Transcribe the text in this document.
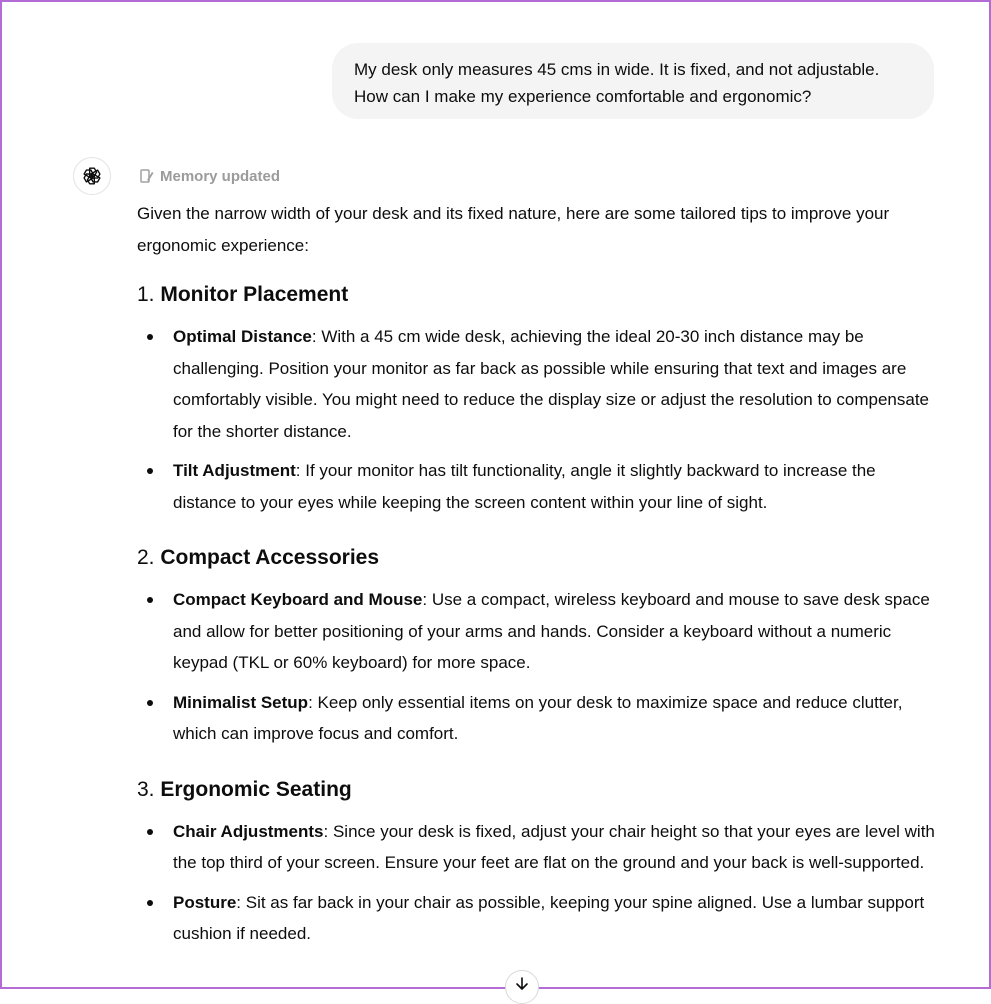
My desk only measures 45 cms in wide. It is fixed, and not adjustable.
How can I make my experience comfortable and ergonomic?
Memory updated

Given the narrow width of your desk and its fixed nature, here are some tailored tips to improve your ergonomic experience:

1. Monitor Placement
Optimal Distance: With a 45 cm wide desk, achieving the ideal 20-30 inch distance may be challenging. Position your monitor as far back as possible while ensuring that text and images are comfortably visible. You might need to reduce the display size or adjust the resolution to compensate for the shorter distance.
Tilt Adjustment: If your monitor has tilt functionality, angle it slightly backward to increase the distance to your eyes while keeping the screen content within your line of sight.
2. Compact Accessories
Compact Keyboard and Mouse: Use a compact, wireless keyboard and mouse to save desk space and allow for better positioning of your arms and hands. Consider a keyboard without a numeric keypad (TKL or 60% keyboard) for more space.
Minimalist Setup: Keep only essential items on your desk to maximize space and reduce clutter, which can improve focus and comfort.
3. Ergonomic Seating
Chair Adjustments: Since your desk is fixed, adjust your chair height so that your eyes are level with the top third of your screen. Ensure your feet are flat on the ground and your back is well-supported.
Posture: Sit as far back in your chair as possible, keeping your spine aligned. Use a lumbar support cushion if needed.
